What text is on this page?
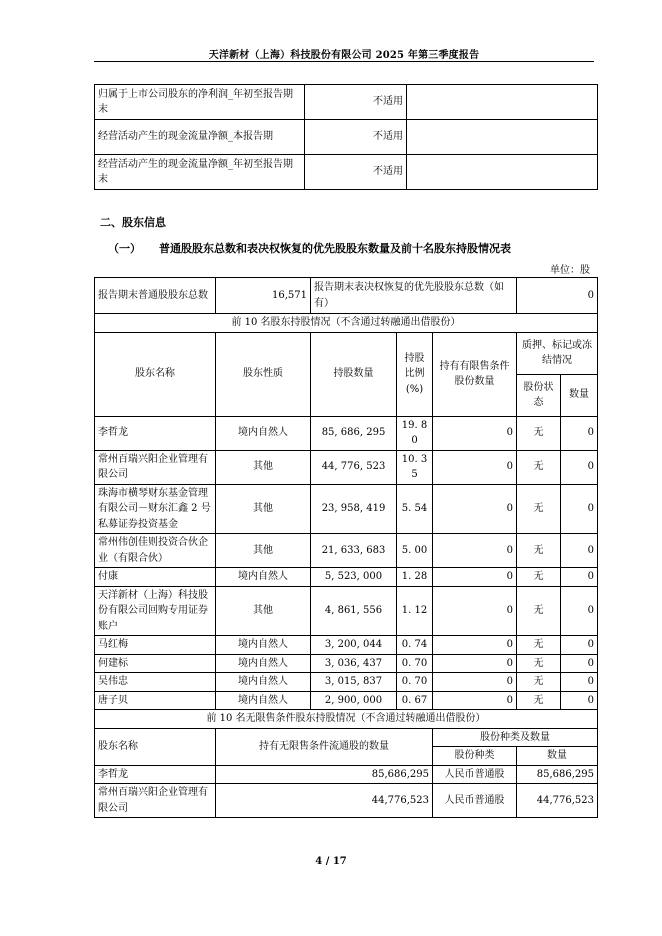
天洋新材（上海）科技股份有限公司 2025 年第三季度报告
归属于上市公司股东的净利润_年初至报告期末	不适用	
经营活动产生的现金流量净额_本报告期	不适用	
经营活动产生的现金流量净额_年初至报告期末	不适用	
二、股东信息
（一） 普通股股东总数和表决权恢复的优先股股东数量及前十名股东持股情况表
单位：股
报告期末普通股股东总数	16,571	报告期末表决权恢复的优先股股东总数（如有）			0	
前 10 名股东持股情况（不含通过转融通出借股份）						
股东名称	股东性质	持股数量	持股比例(%)	持有有限售条件股份数量	质押、标记或冻结情况	
					股份状态	数量
李哲龙	境内自然人	85, 686, 295	19. 80	0	无	0
常州百瑞兴阳企业管理有限公司	其他	44, 776, 523	10. 35	0	无	0
珠海市横琴财东基金管理有限公司－财东汇鑫 2 号私募证券投资基金	其他	23, 958, 419	5. 54	0	无	0
常州伟创佳则投资合伙企业（有限合伙）	其他	21, 633, 683	5. 00	0	无	0
付康	境内自然人	5, 523, 000	1. 28	0	无	0
天洋新材（上海）科技股份有限公司回购专用证券账户	其他	4, 861, 556	1. 12	0	无	0
马红梅	境内自然人	3, 200, 044	0. 74	0	无	0
何建标	境内自然人	3, 036, 437	0. 70	0	无	0
吴伟忠	境内自然人	3, 015, 837	0. 70	0	无	0
唐子贝	境内自然人	2, 900, 000	0. 67	0	无	0
前 10 名无限售条件股东持股情况（不含通过转融通出借股份）						
股东名称	持有无限售条件流通股的数量			股份种类及数量		
				股份种类	数量	
李哲龙	85,686,295			人民币普通股	85,686,295	
常州百瑞兴阳企业管理有限公司	44,776,523			人民币普通股	44,776,523	
4 / 17
